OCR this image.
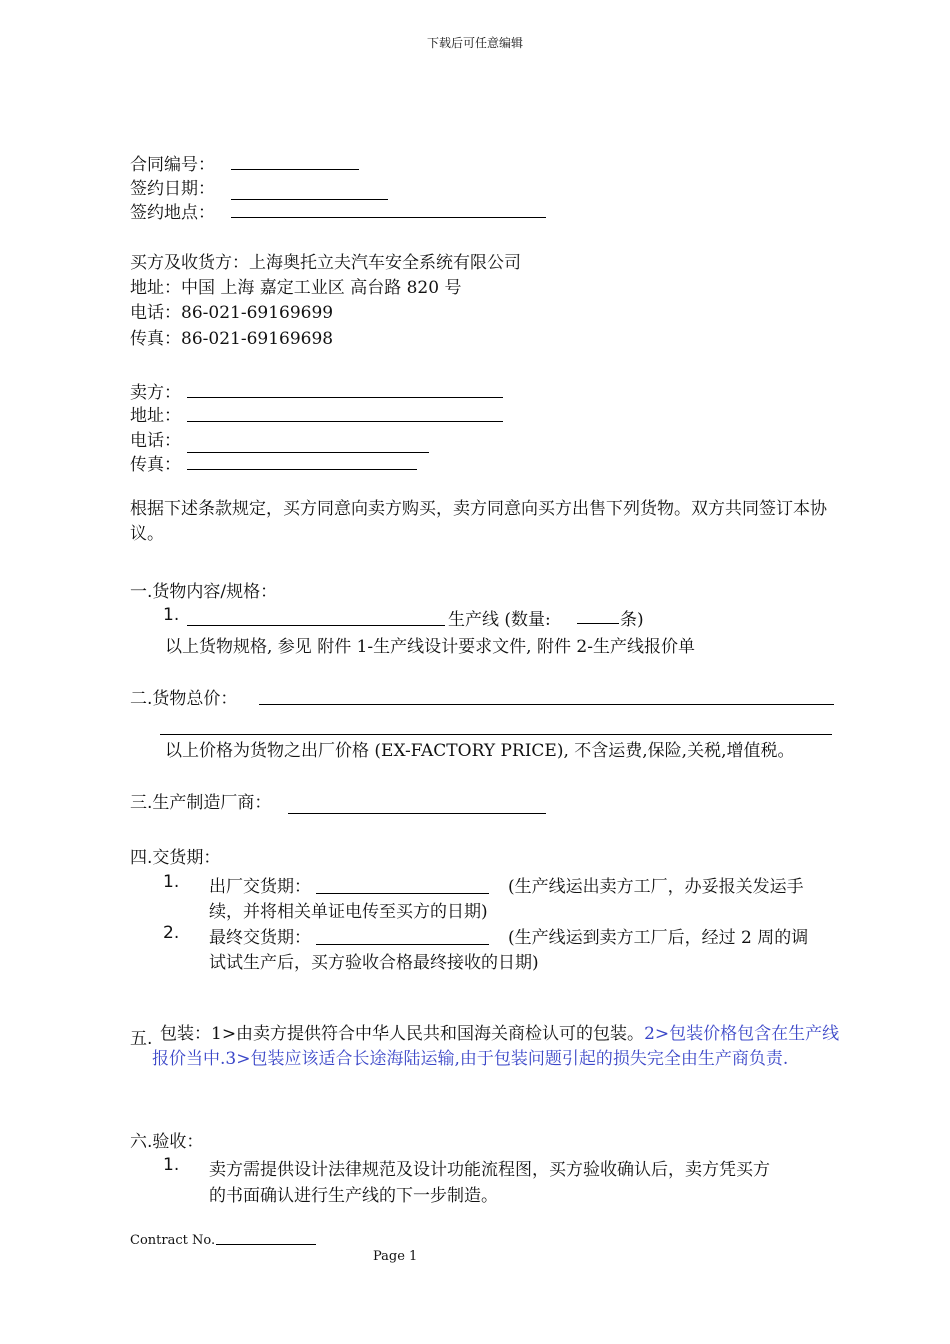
下载后可任意编辑
合同编号：
签约日期：
签约地点：
买方及收货方：上海奥托立夫汽车安全系统有限公司
地址：中国 上海 嘉定工业区 高台路 820 号
电话：86-021-69169699
传真：86-021-69169698
卖方：
地址：
电话：
传真：
根据下述条款规定，买方同意向卖方购买，卖方同意向买方出售下列货物。双方共同签订本协议。
一.货物内容/规格：
1.	生产线 (数量:	条)
以上货物规格, 参见 附件 1-生产线设计要求文件, 附件 2-生产线报价单
二.货物总价：
以上价格为货物之出厂价格 (EX-FACTORY PRICE), 不含运费,保险,关税,增值税。
三.生产制造厂商：
四.交货期：
1. 出厂交货期：	(生产线运出卖方工厂，办妥报关发运手
续，并将相关单证电传至买方的日期)
2. 最终交货期：	(生产线运到卖方工厂后，经过 2 周的调
试试生产后，买方验收合格最终接收的日期)
五. 包装：1>由卖方提供符合中华人民共和国海关商检认可的包装。2>包装价格包含在生产线报价当中.3>包装应该适合长途海陆运输,由于包装问题引起的损失完全由生产商负责.
六.验收：
1. 卖方需提供设计法律规范及设计功能流程图，买方验收确认后，卖方凭买方
的书面确认进行生产线的下一步制造。
Contract No.
Page 1
